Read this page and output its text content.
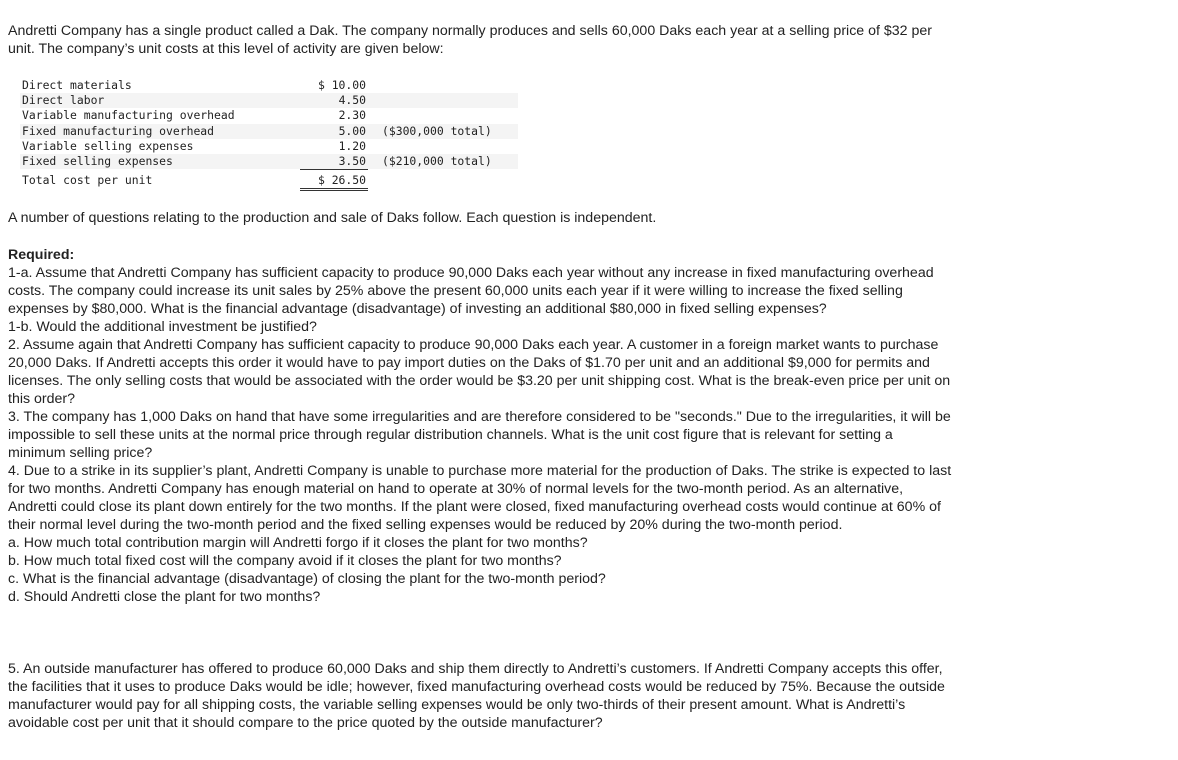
Andretti Company has a single product called a Dak. The company normally produces and sells 60,000 Daks each year at a selling price of $32 per unit. The company’s unit costs at this level of activity are given below:

Direct materials	$ 10.00
Direct labor	4.50
Variable manufacturing overhead	2.30
Fixed manufacturing overhead	5.00 ($300,000 total)
Variable selling expenses	1.20
Fixed selling expenses	3.50 ($210,000 total)
Total cost per unit	$ 26.50

A number of questions relating to the production and sale of Daks follow. Each question is independent.

Required:

1-a. Assume that Andretti Company has sufficient capacity to produce 90,000 Daks each year without any increase in fixed manufacturing overhead costs. The company could increase its unit sales by 25% above the present 60,000 units each year if it were willing to increase the fixed selling expenses by $80,000. What is the financial advantage (disadvantage) of investing an additional $80,000 in fixed selling expenses?

1-b. Would the additional investment be justified?

2. Assume again that Andretti Company has sufficient capacity to produce 90,000 Daks each year. A customer in a foreign market wants to purchase 20,000 Daks. If Andretti accepts this order it would have to pay import duties on the Daks of $1.70 per unit and an additional $9,000 for permits and licenses. The only selling costs that would be associated with the order would be $3.20 per unit shipping cost. What is the break-even price per unit on this order?

3. The company has 1,000 Daks on hand that have some irregularities and are therefore considered to be "seconds." Due to the irregularities, it will be impossible to sell these units at the normal price through regular distribution channels. What is the unit cost figure that is relevant for setting a minimum selling price?

4. Due to a strike in its supplier’s plant, Andretti Company is unable to purchase more material for the production of Daks. The strike is expected to last for two months. Andretti Company has enough material on hand to operate at 30% of normal levels for the two-month period. As an alternative, Andretti could close its plant down entirely for the two months. If the plant were closed, fixed manufacturing overhead costs would continue at 60% of their normal level during the two-month period and the fixed selling expenses would be reduced by 20% during the two-month period.

a. How much total contribution margin will Andretti forgo if it closes the plant for two months?

b. How much total fixed cost will the company avoid if it closes the plant for two months?

c. What is the financial advantage (disadvantage) of closing the plant for the two-month period?

d. Should Andretti close the plant for two months?

5. An outside manufacturer has offered to produce 60,000 Daks and ship them directly to Andretti’s customers. If Andretti Company accepts this offer, the facilities that it uses to produce Daks would be idle; however, fixed manufacturing overhead costs would be reduced by 75%. Because the outside manufacturer would pay for all shipping costs, the variable selling expenses would be only two-thirds of their present amount. What is Andretti’s avoidable cost per unit that it should compare to the price quoted by the outside manufacturer?
